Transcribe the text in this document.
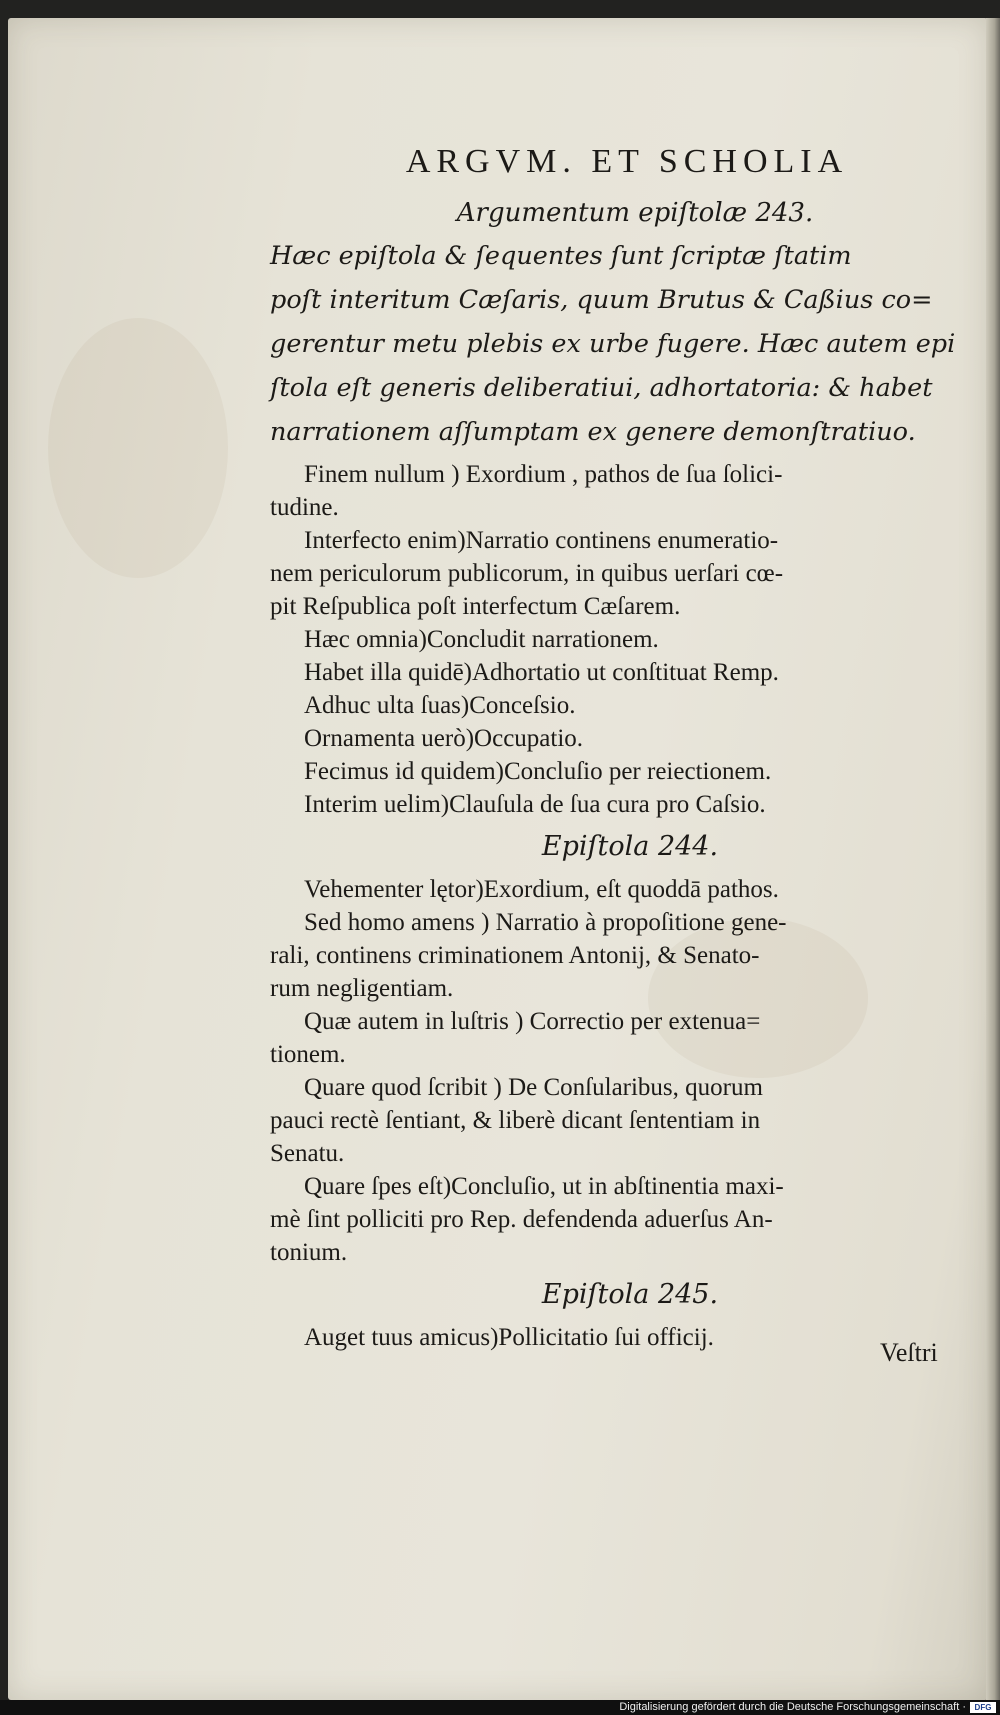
ARGVM. ET SCHOLIA
Argumentum epiſtolæ 243.
Hæc epiſtola & ſequentes ſunt ſcriptæ ſtatim
poſt interitum Cæſaris, quum Brutus & Caßius co=
gerentur metu plebis ex urbe fugere. Hæc autem epi
ſtola eſt generis deliberatiui, adhortatoria: & habet
narrationem aſſumptam ex genere demonſtratiuo.
Finem nullum ) Exordium , pathos de ſua ſolici-
tudine.
Interfecto enim)Narratio continens enumeratio-
nem periculorum publicorum, in quibus uerſari cœ-
pit Reſpublica poſt interfectum Cæſarem.
Hæc omnia)Concludit narrationem.
Habet illa quidē)Adhortatio ut conſtituat Remp.
Adhuc ulta ſuas)Conceſsio.
Ornamenta uerò)Occupatio.
Fecimus id quidem)Concluſio per reiectionem.
Interim uelim)Clauſula de ſua cura pro Caſsio.
Epiſtola 244.
Vehementer lętor)Exordium, eſt quoddā pathos.
Sed homo amens ) Narratio à propoſitione gene-
rali, continens criminationem Antonij, & Senato-
rum negligentiam.
Quæ autem in luſtris ) Correctio per extenua=
tionem.
Quare quod ſcribit ) De Conſularibus, quorum
pauci rectè ſentiant, & liberè dicant ſententiam in
Senatu.
Quare ſpes eſt)Concluſio, ut in abſtinentia maxi-
mè ſint polliciti pro Rep. defendenda aduerſus An-
tonium.
Epiſtola 245.
Auget tuus amicus)Pollicitatio ſui officij.
Veſtri
Digitalisierung gefördert durch die Deutsche Forschungsgemeinschaft ·	DFG
